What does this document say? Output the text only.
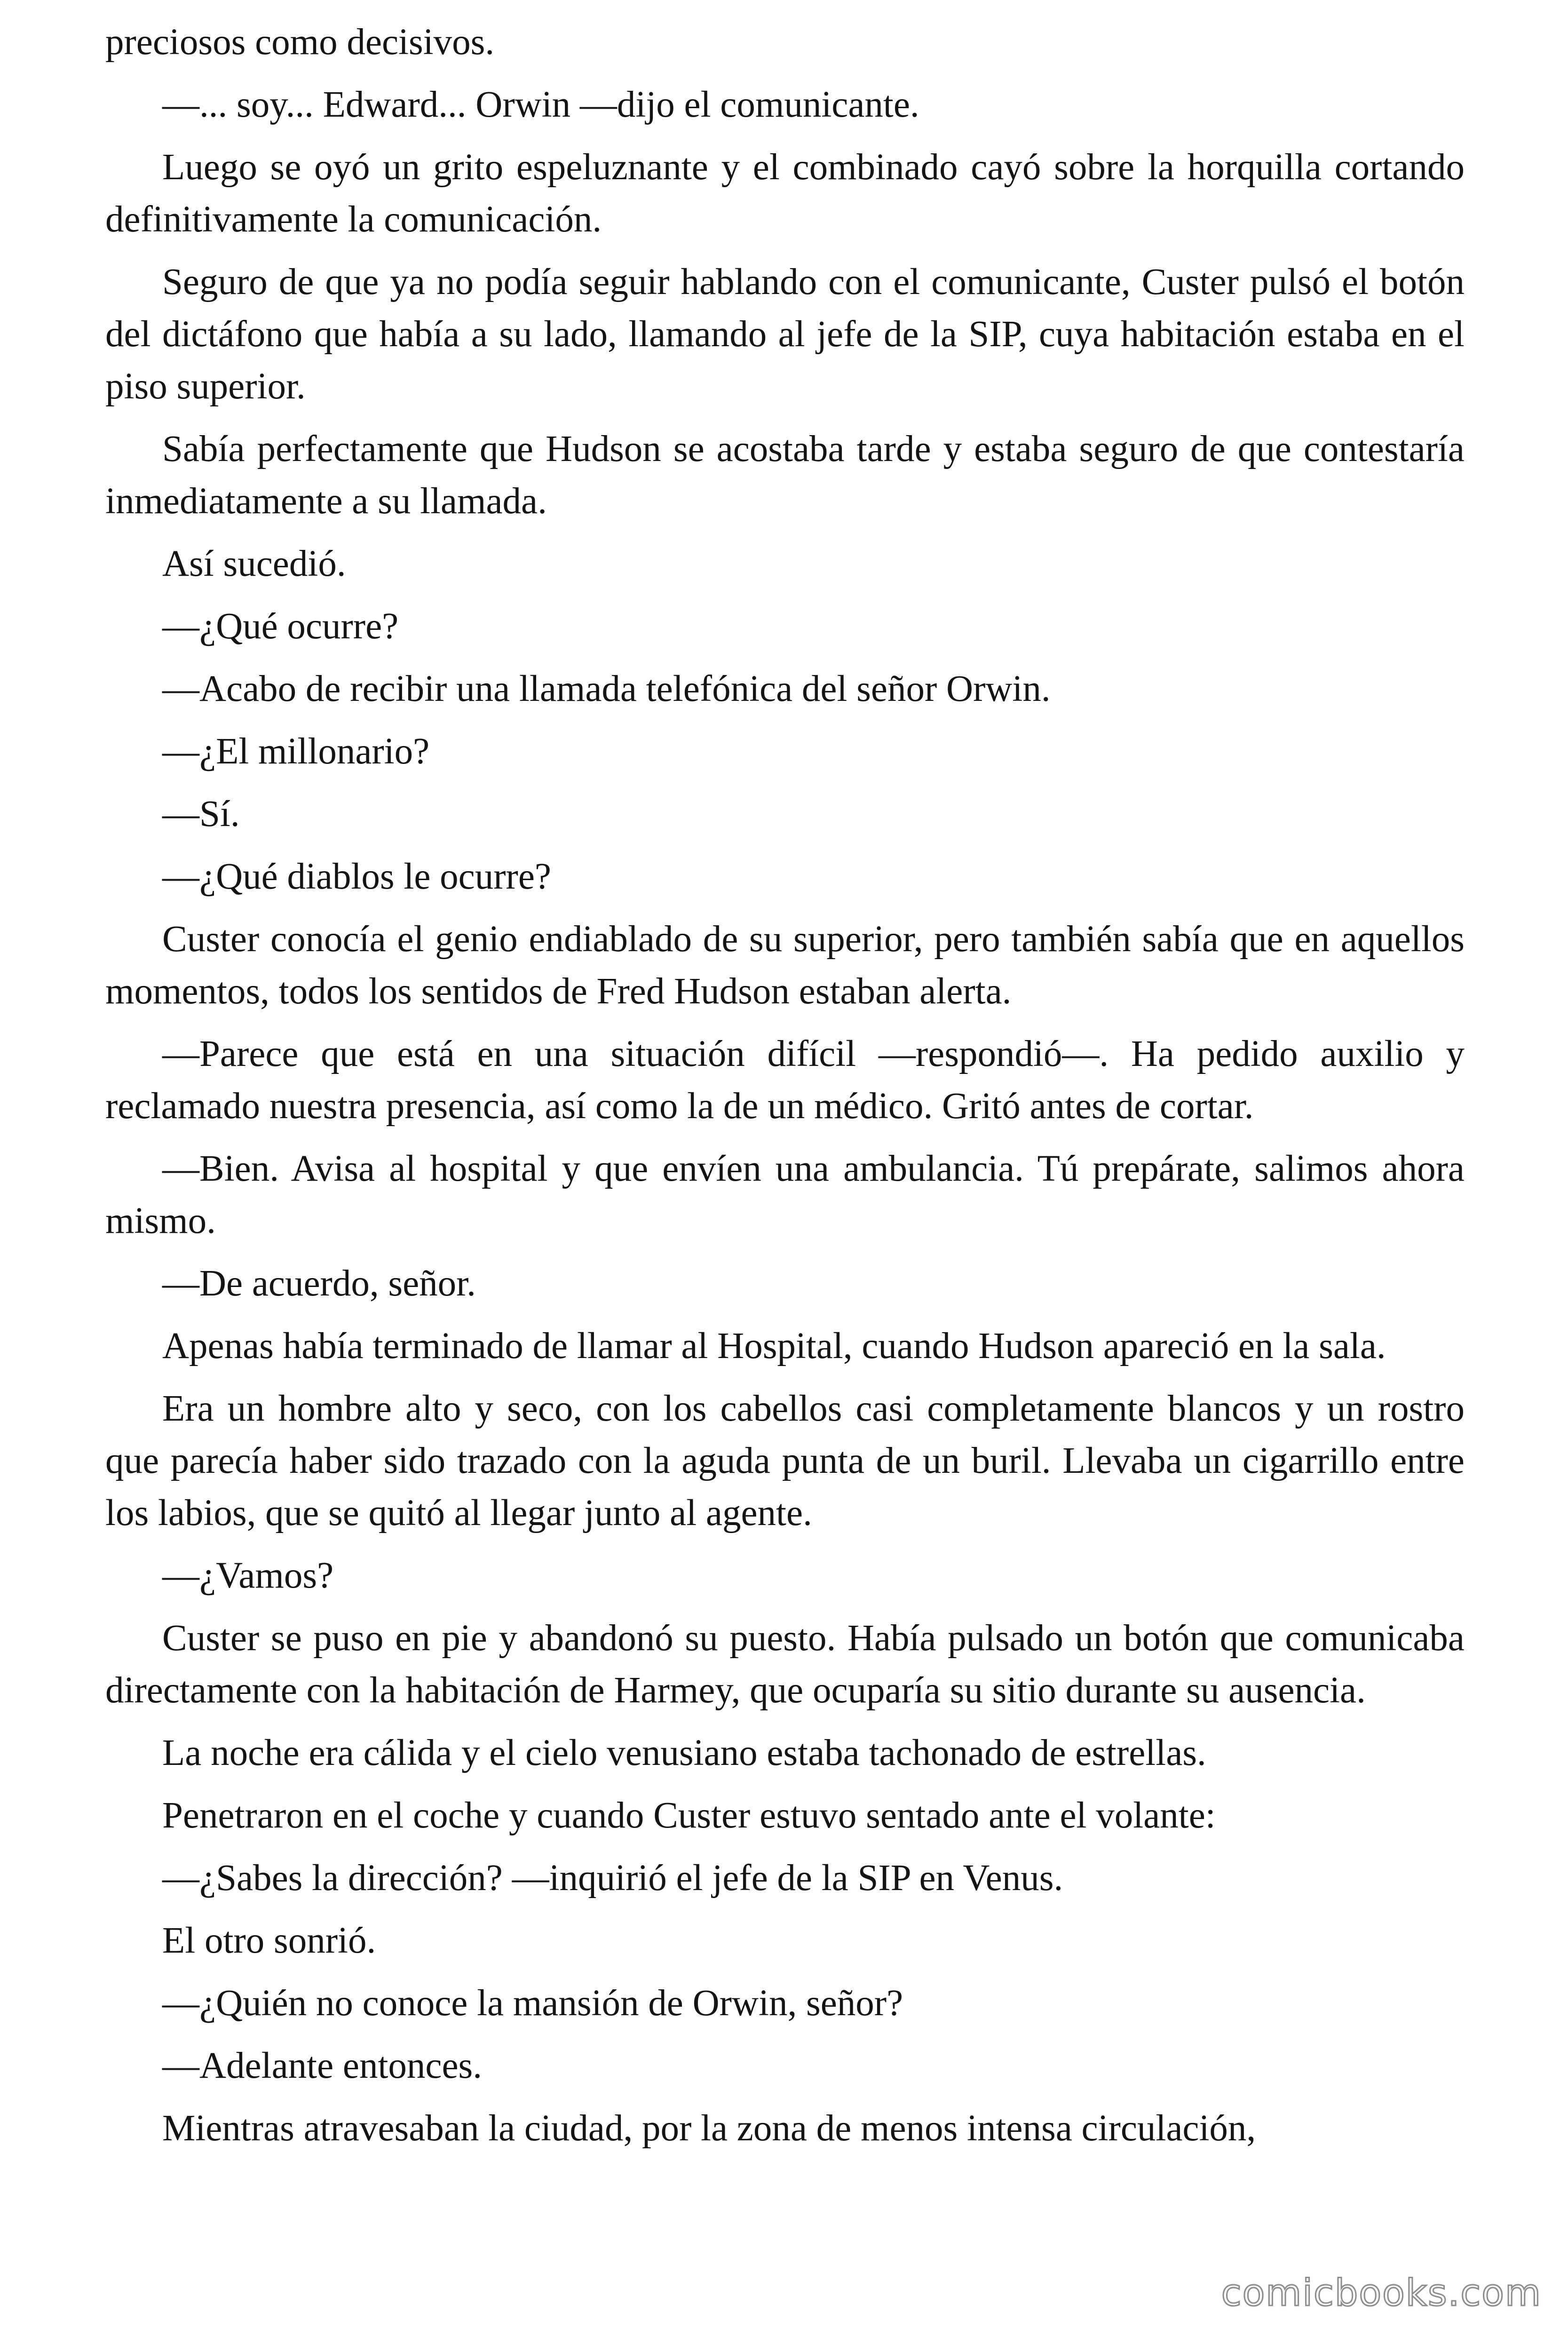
preciosos como decisivos.

—... soy... Edward... Orwin —dijo el comunicante.

Luego se oyó un grito espeluznante y el combinado cayó sobre la horquilla cortando definitivamente la comunicación.

Seguro de que ya no podía seguir hablando con el comunicante, Custer pulsó el botón del dictáfono que había a su lado, llamando al jefe de la SIP, cuya habitación estaba en el piso superior.

Sabía perfectamente que Hudson se acostaba tarde y estaba seguro de que contestaría inmediatamente a su llamada.

Así sucedió.

—¿Qué ocurre?

—Acabo de recibir una llamada telefónica del señor Orwin.

—¿El millonario?

—Sí.

—¿Qué diablos le ocurre?

Custer conocía el genio endiablado de su superior, pero también sabía que en aquellos momentos, todos los sentidos de Fred Hudson estaban alerta.

—Parece que está en una situación difícil —respondió—. Ha pedido auxilio y reclamado nuestra presencia, así como la de un médico. Gritó antes de cortar.

—Bien. Avisa al hospital y que envíen una ambulancia. Tú prepárate, salimos ahora mismo.

—De acuerdo, señor.

Apenas había terminado de llamar al Hospital, cuando Hudson apareció en la sala.

Era un hombre alto y seco, con los cabellos casi completamente blancos y un rostro que parecía haber sido trazado con la aguda punta de un buril. Llevaba un cigarrillo entre los labios, que se quitó al llegar junto al agente.

—¿Vamos?

Custer se puso en pie y abandonó su puesto. Había pulsado un botón que comunicaba directamente con la habitación de Harmey, que ocuparía su sitio durante su ausencia.

La noche era cálida y el cielo venusiano estaba tachonado de estrellas.

Penetraron en el coche y cuando Custer estuvo sentado ante el volante:

—¿Sabes la dirección? —inquirió el jefe de la SIP en Venus.

El otro sonrió.

—¿Quién no conoce la mansión de Orwin, señor?

—Adelante entonces.

Mientras atravesaban la ciudad, por la zona de menos intensa circulación,

comicbooks.com
